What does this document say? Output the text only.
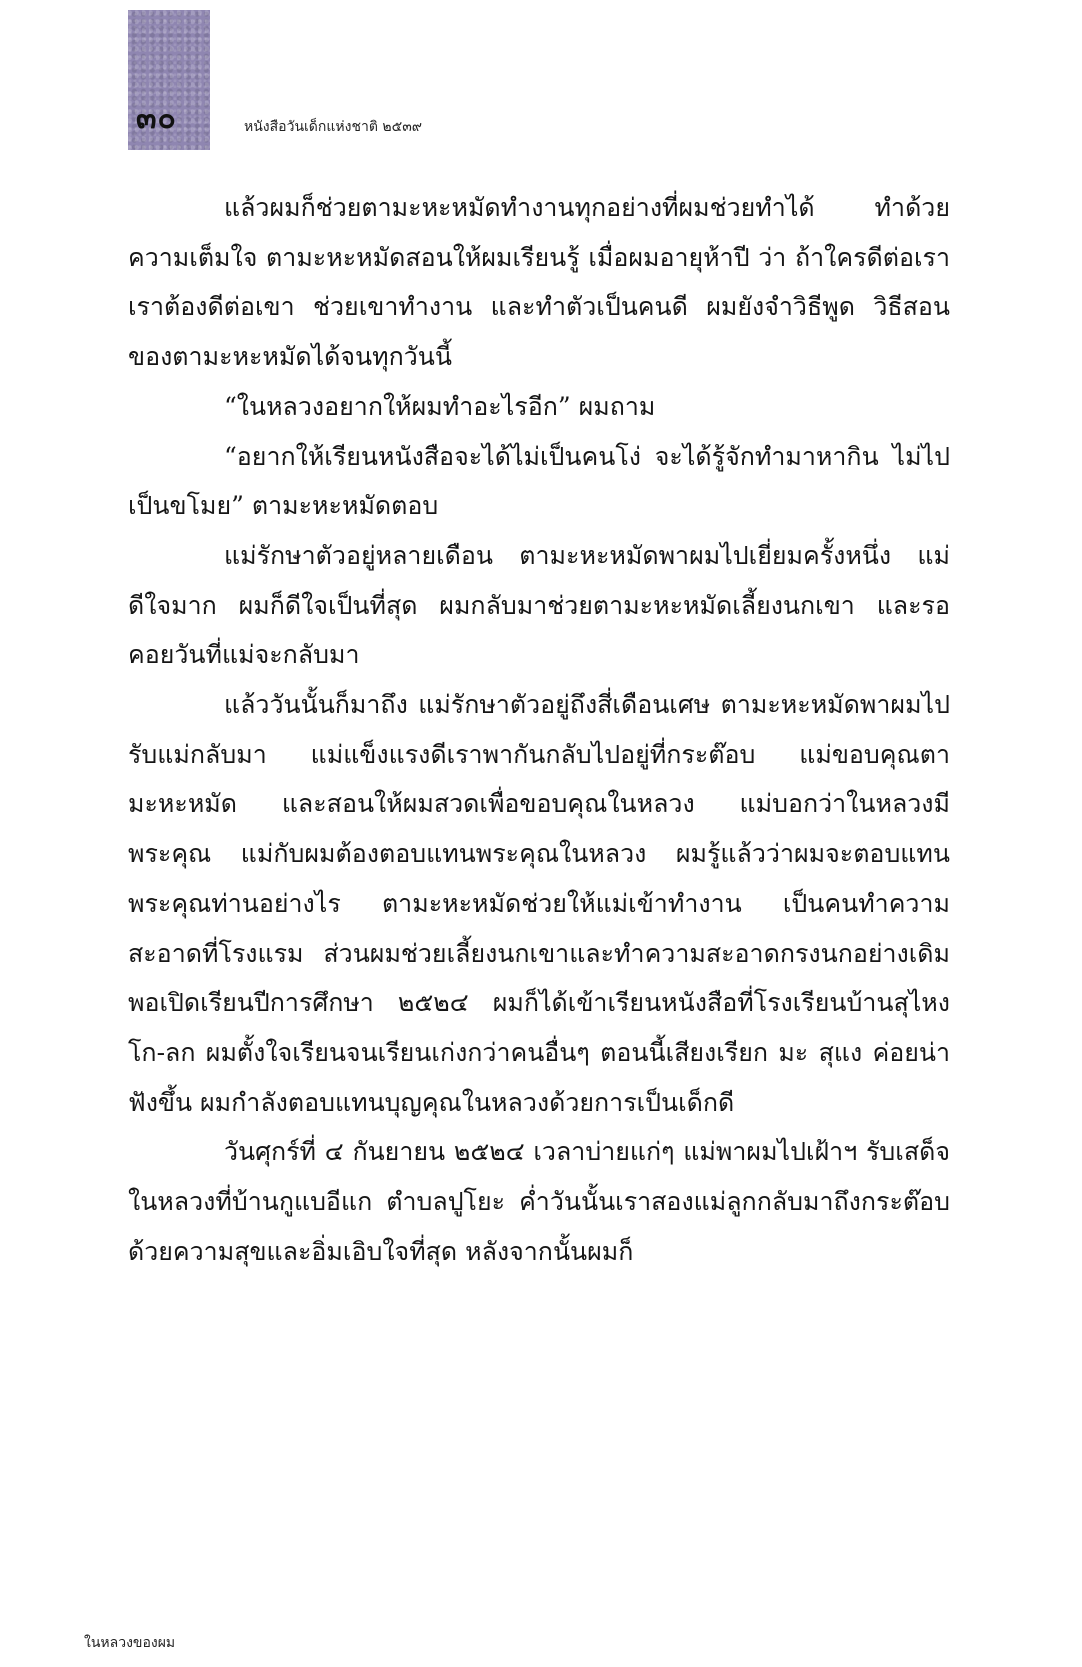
๓๐	หนังสือวันเด็กแห่งชาติ ๒๕๓๙

แล้วผมก็ช่วยตามะหะหมัดทำงานทุกอย่างที่ผมช่วยทำได้ ทำด้วยความเต็มใจ ตามะหะหมัดสอนให้ผมเรียนรู้ เมื่อผมอายุห้าปี ว่า ถ้าใครดีต่อเรา เราต้องดีต่อเขา ช่วยเขาทำงาน และทำตัวเป็นคนดี ผมยังจำวิธีพูด วิธีสอนของตามะหะหมัดได้จนทุกวันนี้

“ในหลวงอยากให้ผมทำอะไรอีก” ผมถาม

“อยากให้เรียนหนังสือจะได้ไม่เป็นคนโง่ จะได้รู้จักทำมาหากิน ไม่ไปเป็นขโมย” ตามะหะหมัดตอบ

แม่รักษาตัวอยู่หลายเดือน ตามะหะหมัดพาผมไปเยี่ยมครั้งหนึ่ง แม่ดีใจมาก ผมก็ดีใจเป็นที่สุด ผมกลับมาช่วยตามะหะหมัดเลี้ยงนกเขา และรอคอยวันที่แม่จะกลับมา

แล้ววันนั้นก็มาถึง แม่รักษาตัวอยู่ถึงสี่เดือนเศษ ตามะหะหมัดพาผมไปรับแม่กลับมา แม่แข็งแรงดีเราพากันกลับไปอยู่ที่กระต๊อบ แม่ขอบคุณตามะหะหมัด และสอนให้ผมสวดเพื่อขอบคุณในหลวง แม่บอกว่าในหลวงมีพระคุณ แม่กับผมต้องตอบแทนพระคุณในหลวง ผมรู้แล้วว่าผมจะตอบแทนพระคุณท่านอย่างไร ตามะหะหมัดช่วยให้แม่เข้าทำงาน เป็นคนทำความสะอาดที่โรงแรม ส่วนผมช่วยเลี้ยงนกเขาและทำความสะอาดกรงนกอย่างเดิม พอเปิดเรียนปีการศึกษา ๒๕๒๔ ผมก็ได้เข้าเรียนหนังสือที่โรงเรียนบ้านสุไหงโก-ลก ผมตั้งใจเรียนจนเรียนเก่งกว่าคนอื่นๆ ตอนนี้เสียงเรียก มะ สุแง ค่อยน่าฟังขึ้น ผมกำลังตอบแทนบุญคุณในหลวงด้วยการเป็นเด็กดี

วันศุกร์ที่ ๔ กันยายน ๒๕๒๔ เวลาบ่ายแก่ๆ แม่พาผมไปเฝ้าฯ รับเสด็จในหลวงที่บ้านกูแบอีแก ตำบลปูโยะ ค่ำวันนั้นเราสองแม่ลูกกลับมาถึงกระต๊อบด้วยความสุขและอิ่มเอิบใจที่สุด หลังจากนั้นผมก็

ในหลวงของผม
